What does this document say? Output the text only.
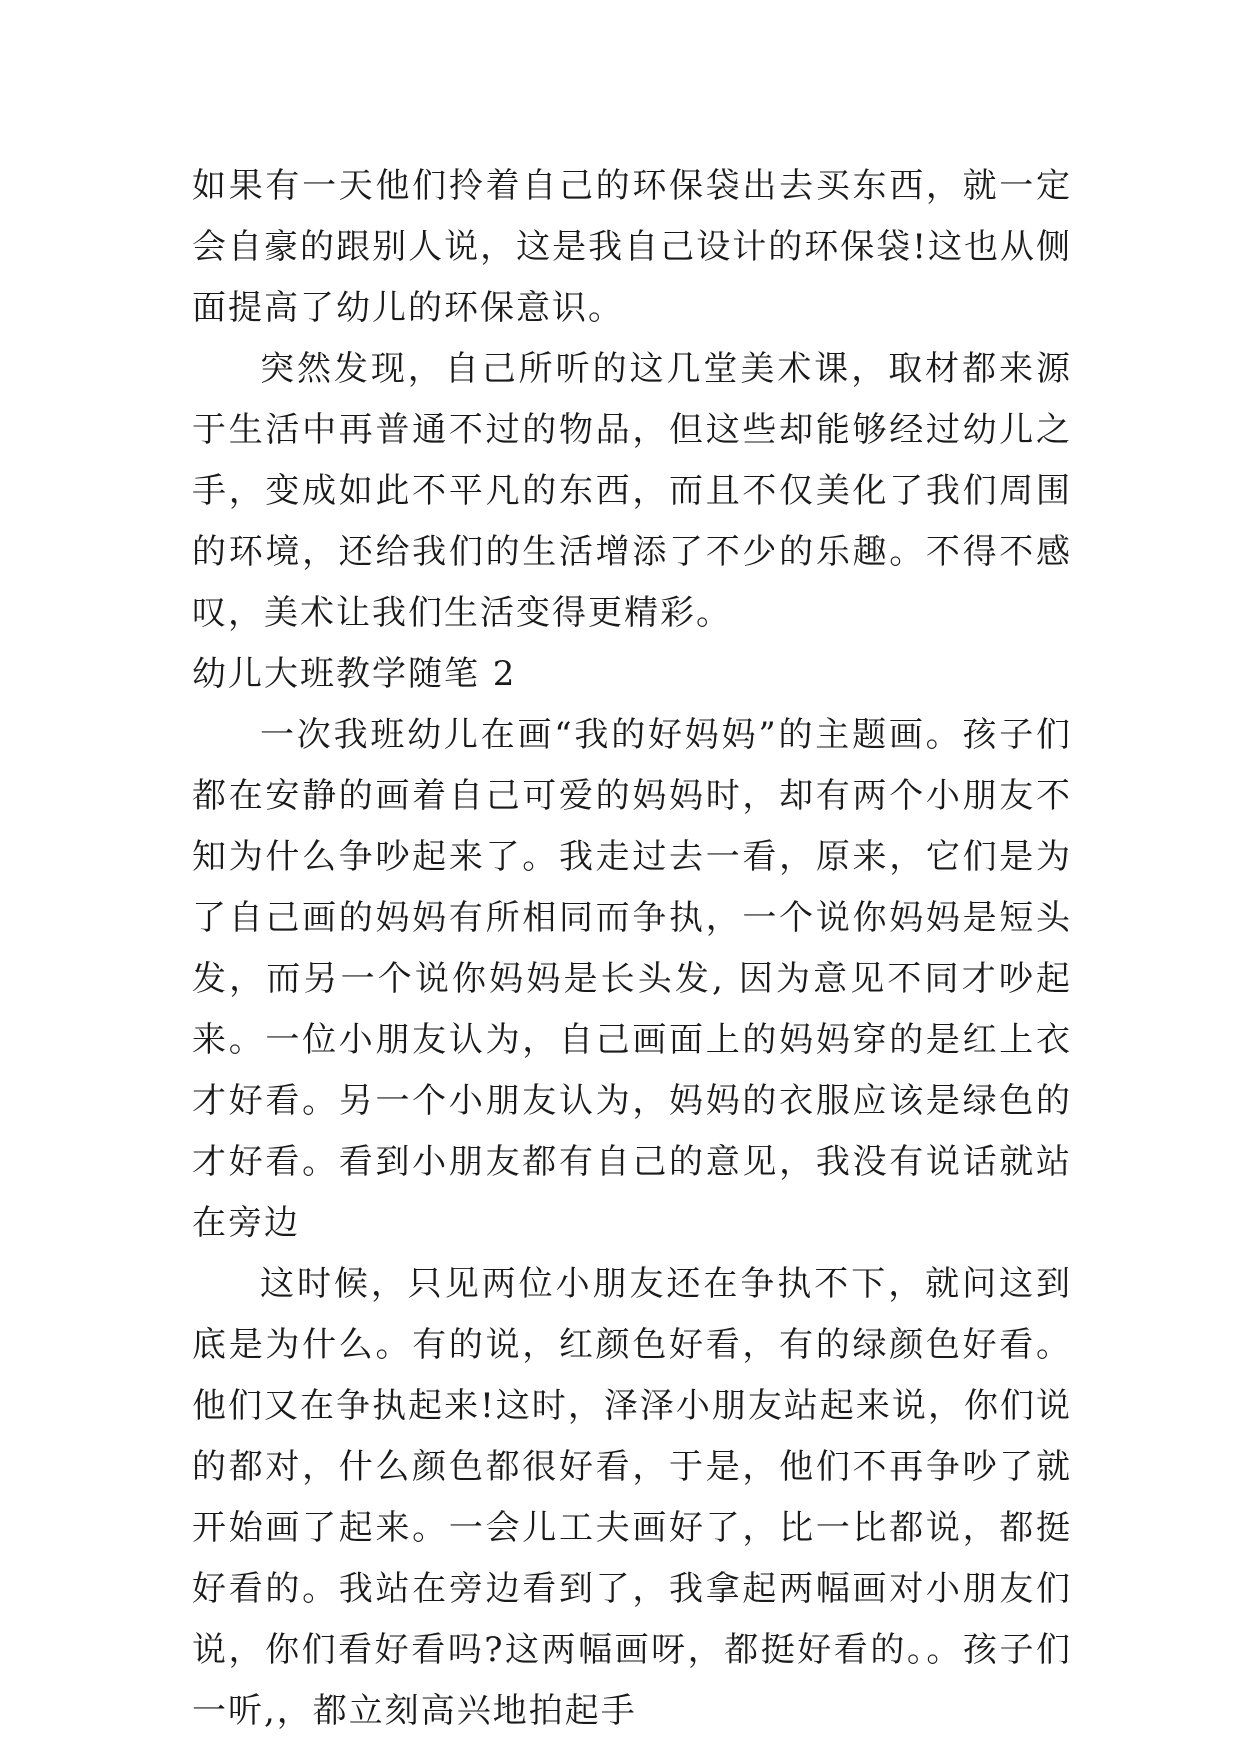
如果有一天他们拎着自己的环保袋出去买东西，就一定会自豪的跟别人说，这是我自己设计的环保袋!这也从侧面提高了幼儿的环保意识。

突然发现，自己所听的这几堂美术课，取材都来源于生活中再普通不过的物品，但这些却能够经过幼儿之手，变成如此不平凡的东西，而且不仅美化了我们周围的环境，还给我们的生活增添了不少的乐趣。不得不感叹，美术让我们生活变得更精彩。

幼儿大班教学随笔 2

一次我班幼儿在画“我的好妈妈”的主题画。孩子们都在安静的画着自己可爱的妈妈时，却有两个小朋友不知为什么争吵起来了。我走过去一看，原来，它们是为了自己画的妈妈有所相同而争执，一个说你妈妈是短头发，而另一个说你妈妈是长头发, 因为意见不同才吵起来。一位小朋友认为，自己画面上的妈妈穿的是红上衣才好看。另一个小朋友认为，妈妈的衣服应该是绿色的才好看。看到小朋友都有自己的意见，我没有说话就站在旁边

这时候，只见两位小朋友还在争执不下，就问这到底是为什么。有的说，红颜色好看，有的绿颜色好看。他们又在争执起来!这时，泽泽小朋友站起来说，你们说的都对，什么颜色都很好看，于是，他们不再争吵了就开始画了起来。一会儿工夫画好了，比一比都说，都挺好看的。我站在旁边看到了，我拿起两幅画对小朋友们说，你们看好看吗?这两幅画呀，都挺好看的。。孩子们一听,，都立刻高兴地拍起手
